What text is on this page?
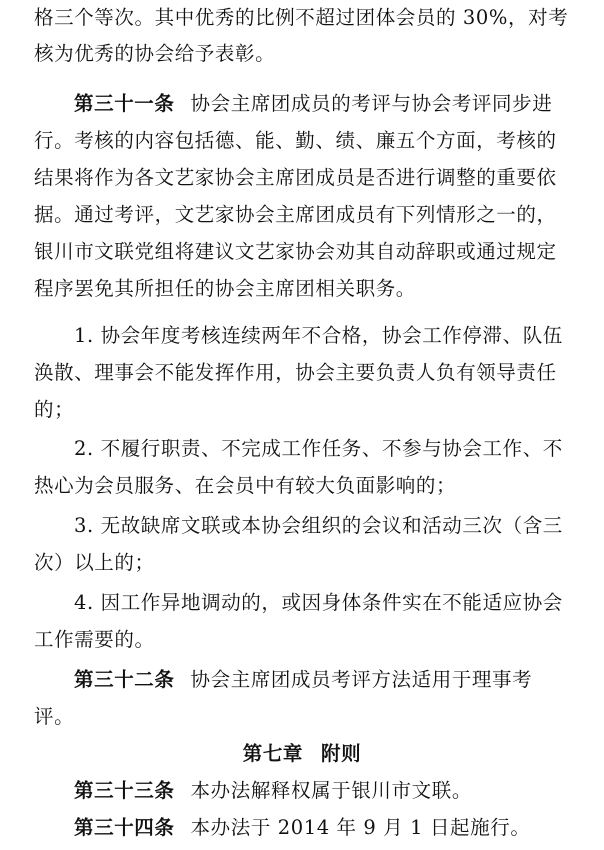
格三个等次。其中优秀的比例不超过团体会员的 30%，对考
核为优秀的协会给予表彰。
第三十一条 协会主席团成员的考评与协会考评同步进
行。考核的内容包括德、能、勤、绩、廉五个方面，考核的
结果将作为各文艺家协会主席团成员是否进行调整的重要依
据。通过考评，文艺家协会主席团成员有下列情形之一的，
银川市文联党组将建议文艺家协会劝其自动辞职或通过规定
程序罢免其所担任的协会主席团相关职务。
1. 协会年度考核连续两年不合格，协会工作停滞、队伍
涣散、理事会不能发挥作用，协会主要负责人负有领导责任
的；
2. 不履行职责、不完成工作任务、不参与协会工作、不
热心为会员服务、在会员中有较大负面影响的；
3. 无故缺席文联或本协会组织的会议和活动三次（含三
次）以上的；
4. 因工作异地调动的，或因身体条件实在不能适应协会
工作需要的。
第三十二条 协会主席团成员考评方法适用于理事考
评。
第七章 附则
第三十三条 本办法解释权属于银川市文联。
第三十四条 本办法于 2014 年 9 月 1 日起施行。
